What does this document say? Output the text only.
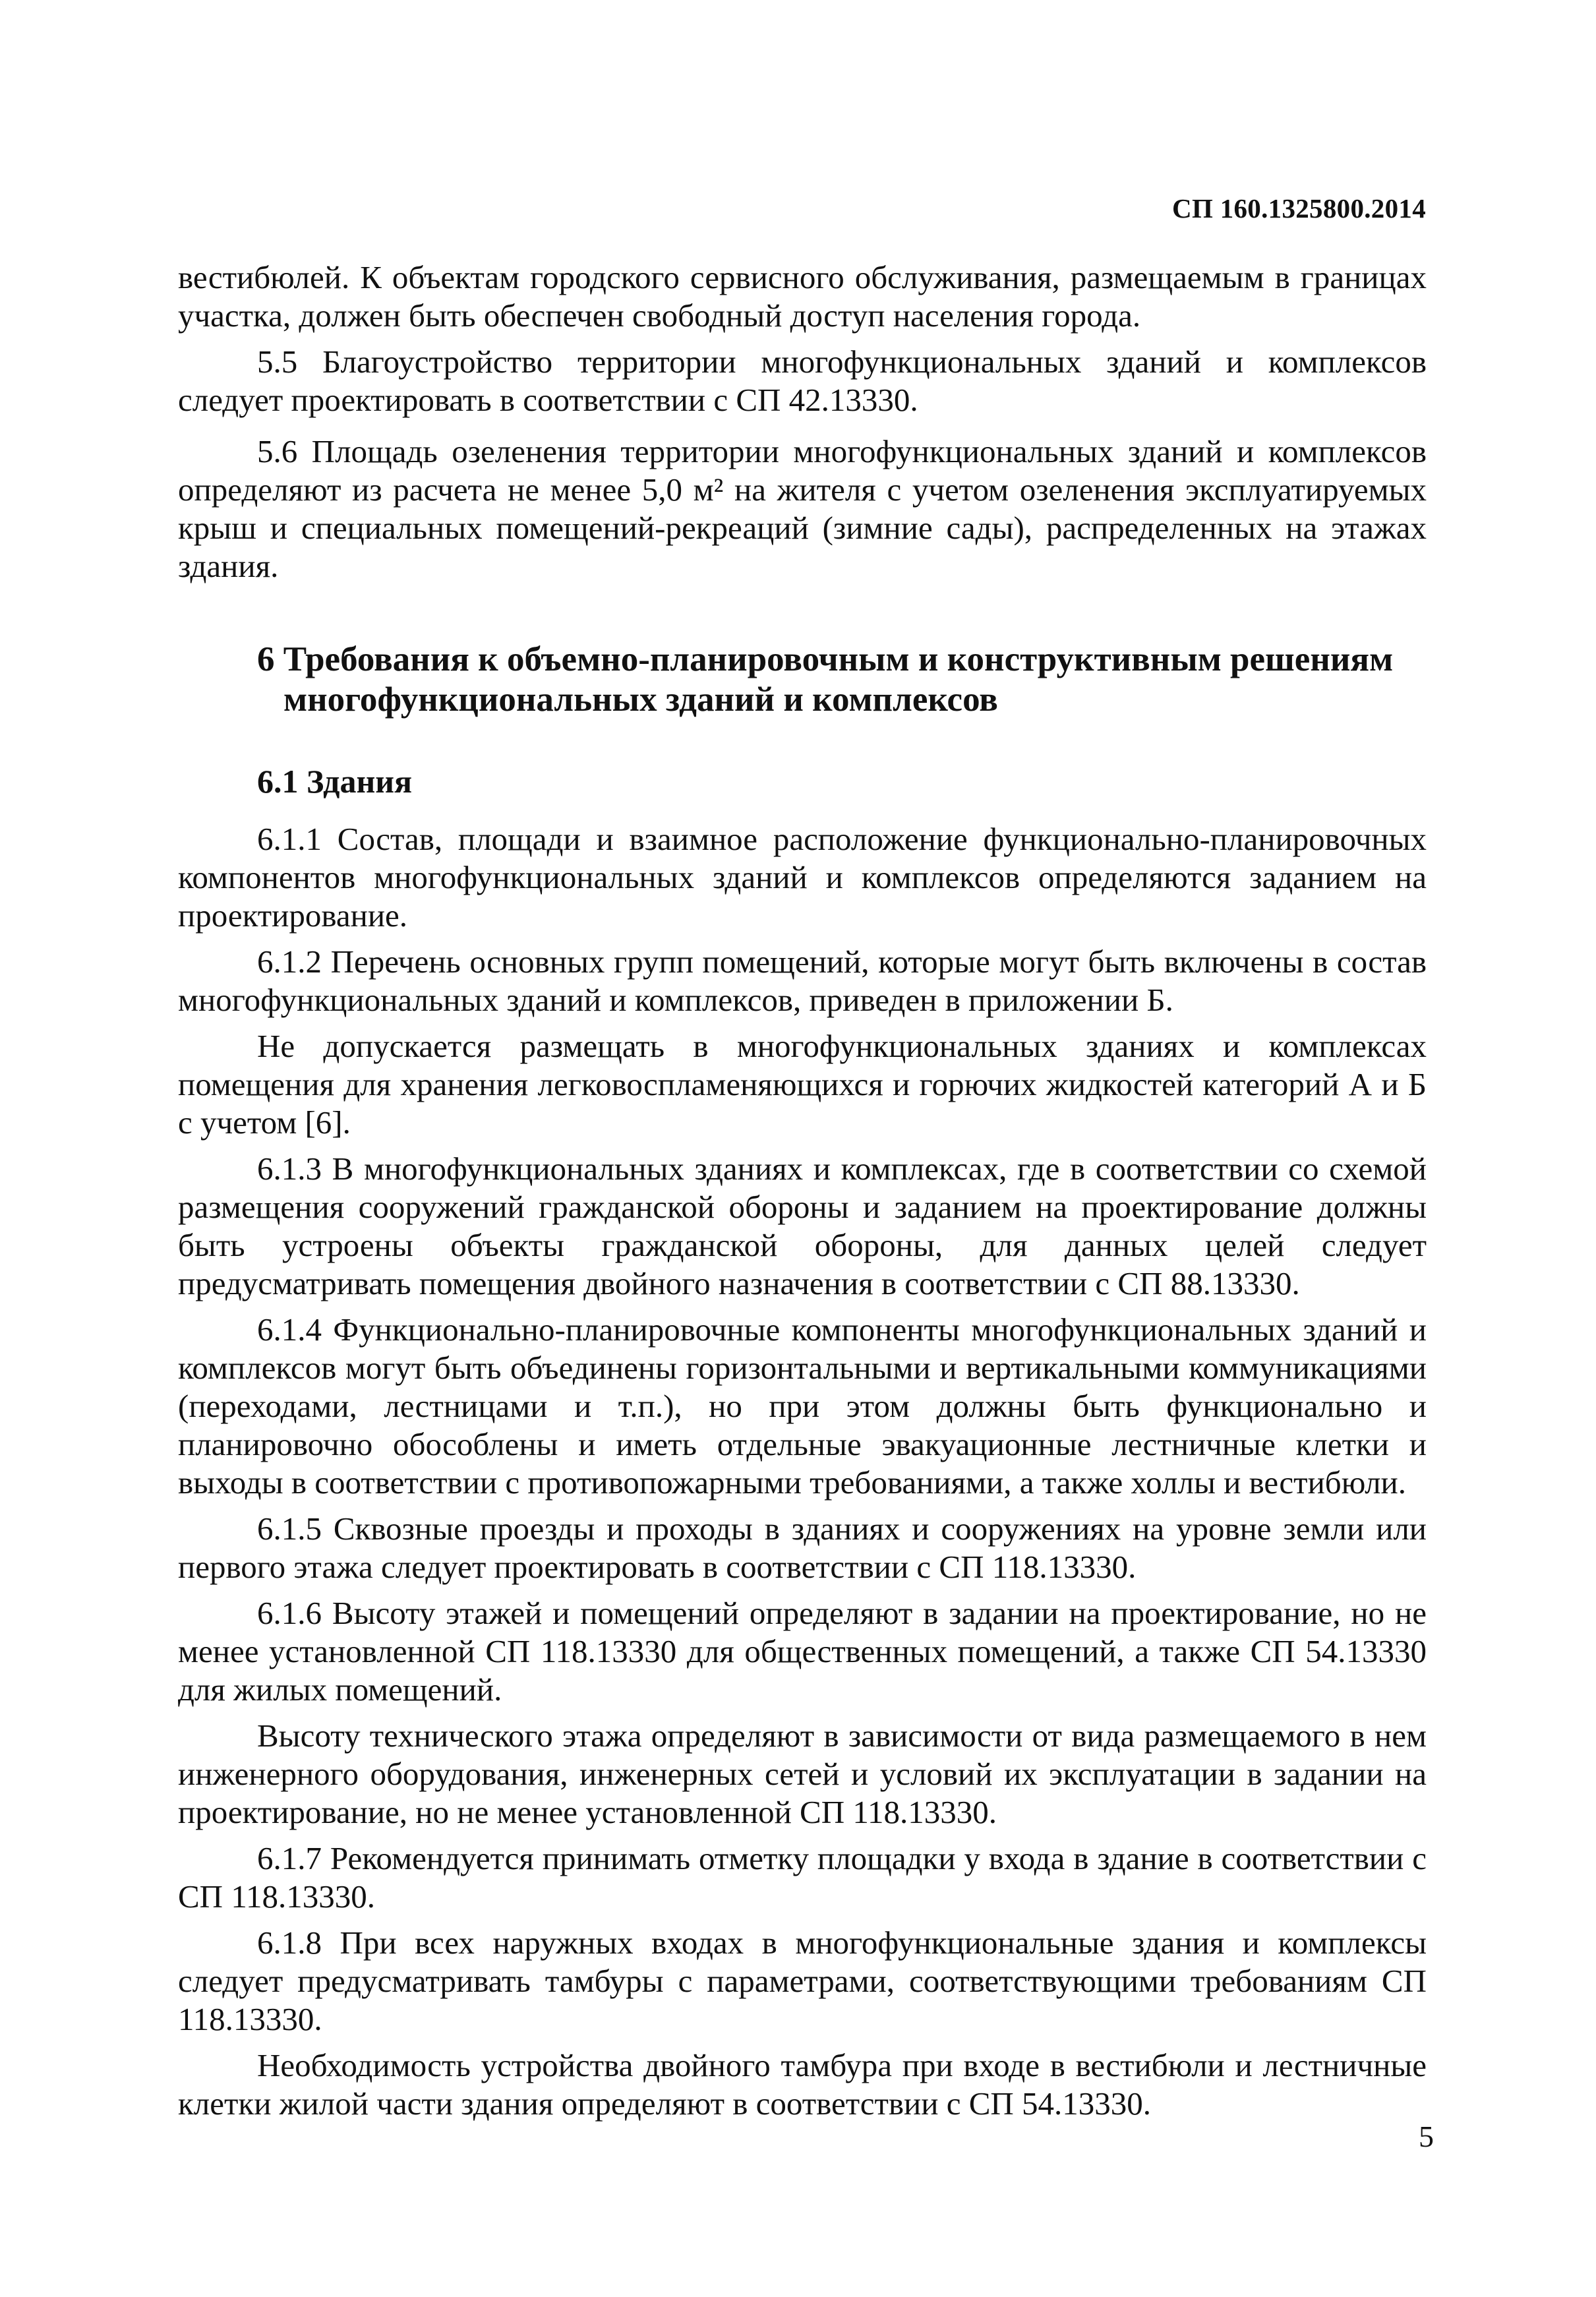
СП 160.1325800.2014

вестибюлей. К объектам городского сервисного обслуживания, размещаемым в границах участка, должен быть обеспечен свободный доступ населения города.

5.5 Благоустройство территории многофункциональных зданий и комплексов следует проектировать в соответствии с СП 42.13330.

5.6 Площадь озеленения территории многофункциональных зданий и комплексов определяют из расчета не менее 5,0 м² на жителя с учетом озеленения эксплуатируемых крыш и специальных помещений-рекреаций (зимние сады), распределенных на этажах здания.

6 Требования к объемно-планировочным и конструктивным решениям
многофункциональных зданий и комплексов

6.1 Здания

6.1.1 Состав, площади и взаимное расположение функционально-планировочных компонентов многофункциональных зданий и комплексов определяются заданием на проектирование.

6.1.2 Перечень основных групп помещений, которые могут быть включены в состав многофункциональных зданий и комплексов, приведен в приложении Б.

Не допускается размещать в многофункциональных зданиях и комплексах помещения для хранения легковоспламеняющихся и горючих жидкостей категорий А и Б с учетом [6].

6.1.3 В многофункциональных зданиях и комплексах, где в соответствии со схемой размещения сооружений гражданской обороны и заданием на проектирование должны быть устроены объекты гражданской обороны, для данных целей следует предусматривать помещения двойного назначения в соответствии с СП 88.13330.

6.1.4 Функционально-планировочные компоненты многофункциональных зданий и комплексов могут быть объединены горизонтальными и вертикальными коммуникациями (переходами, лестницами и т.п.), но при этом должны быть функционально и планировочно обособлены и иметь отдельные эвакуационные лестничные клетки и выходы в соответствии с противопожарными требованиями, а также холлы и вестибюли.

6.1.5 Сквозные проезды и проходы в зданиях и сооружениях на уровне земли или первого этажа следует проектировать в соответствии с СП 118.13330.

6.1.6 Высоту этажей и помещений определяют в задании на проектирование, но не менее установленной СП 118.13330 для общественных помещений, а также СП 54.13330 для жилых помещений.

Высоту технического этажа определяют в зависимости от вида размещаемого в нем инженерного оборудования, инженерных сетей и условий их эксплуатации в задании на проектирование, но не менее установленной СП 118.13330.

6.1.7 Рекомендуется принимать отметку площадки у входа в здание в соответствии с СП 118.13330.

6.1.8 При всех наружных входах в многофункциональные здания и комплексы следует предусматривать тамбуры с параметрами, соответствующими требованиям СП 118.13330.

Необходимость устройства двойного тамбура при входе в вестибюли и лестничные клетки жилой части здания определяют в соответствии с СП 54.13330.

5
